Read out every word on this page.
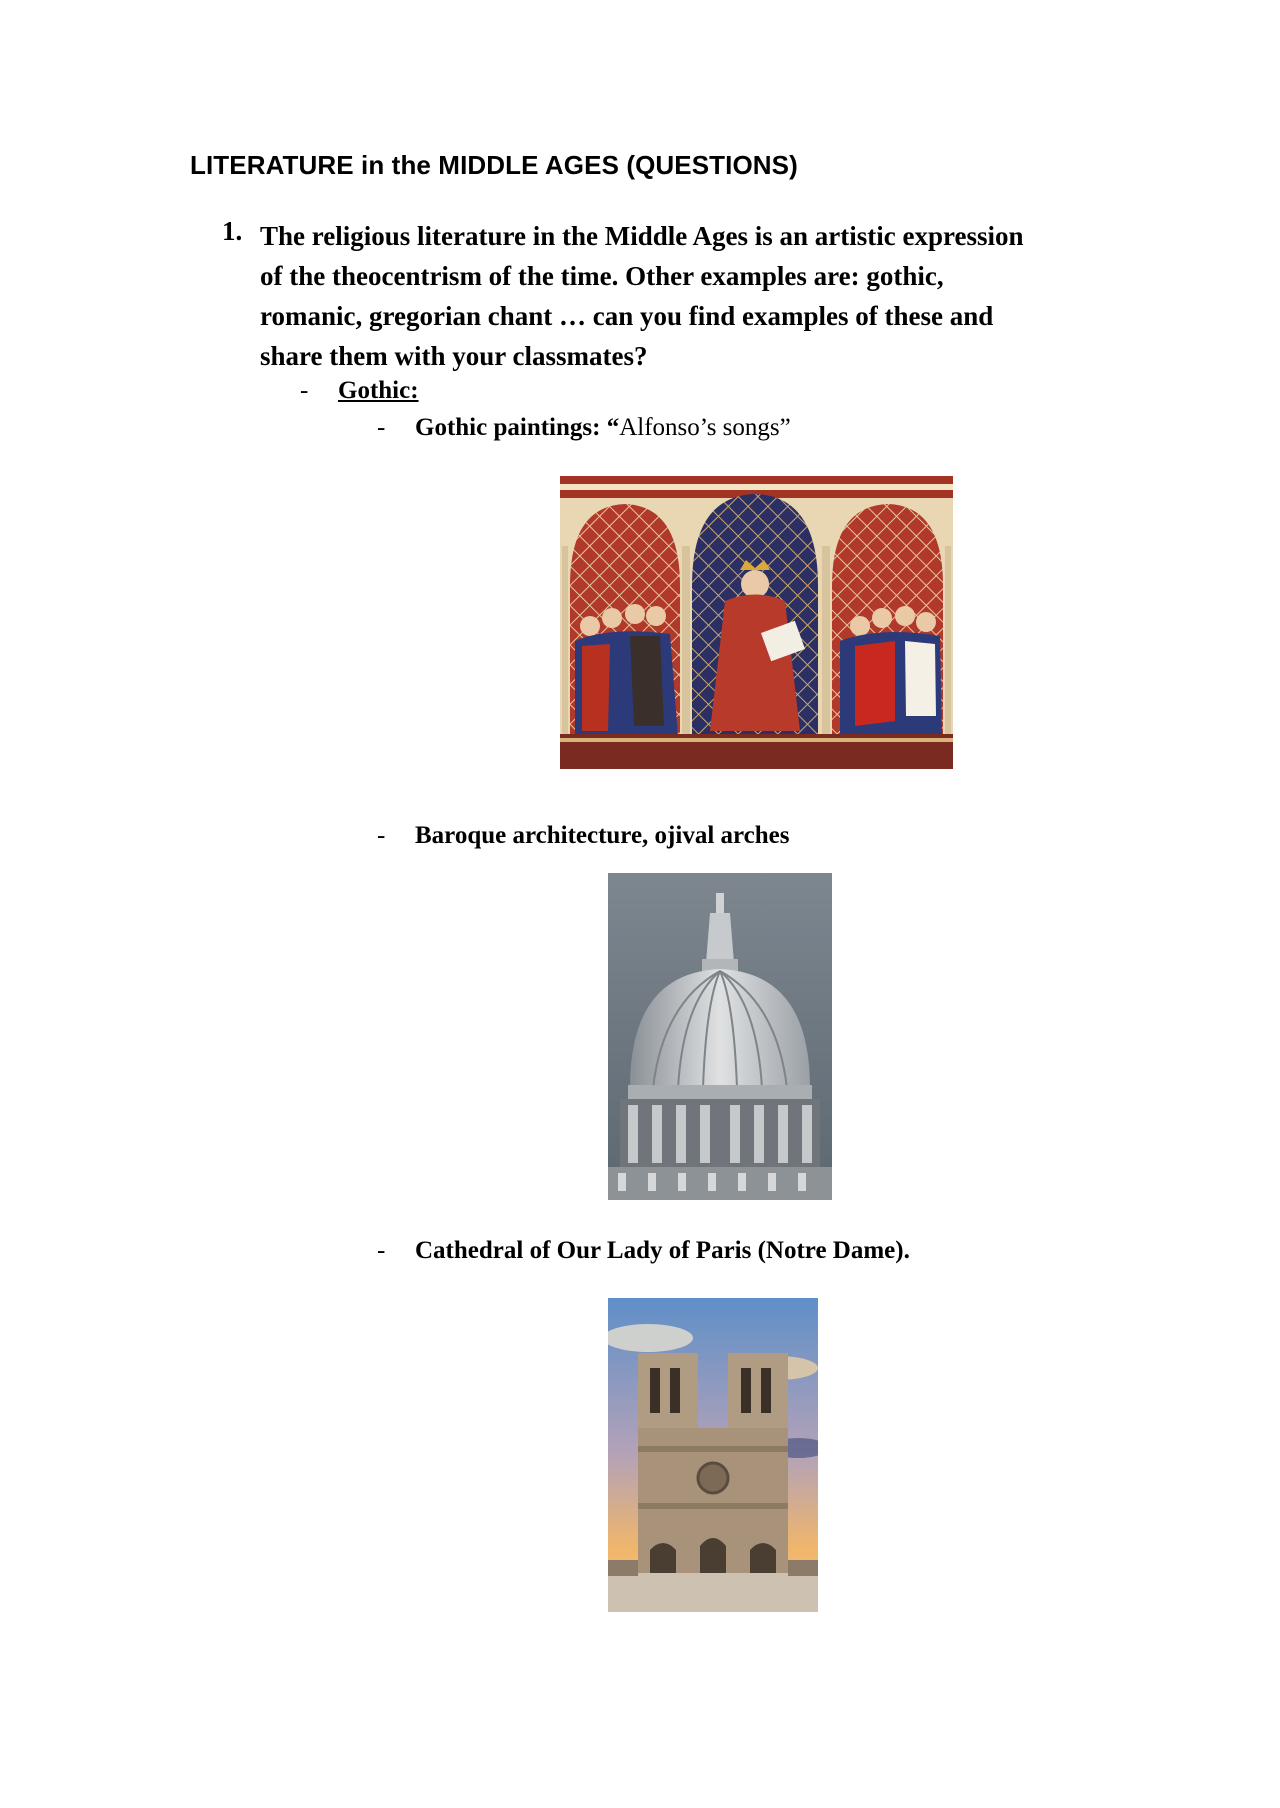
LITERATURE in the MIDDLE AGES (QUESTIONS)
1. The religious literature in the Middle Ages is an artistic expression
of the theocentrism of the time. Other examples are: gothic,
romanic, gregorian chant … can you find examples of these and
share them with your classmates?
- Gothic:
- Gothic paintings: “Alfonso’s songs”
- Baroque architecture, ojival arches
- Cathedral of Our Lady of Paris (Notre Dame).
